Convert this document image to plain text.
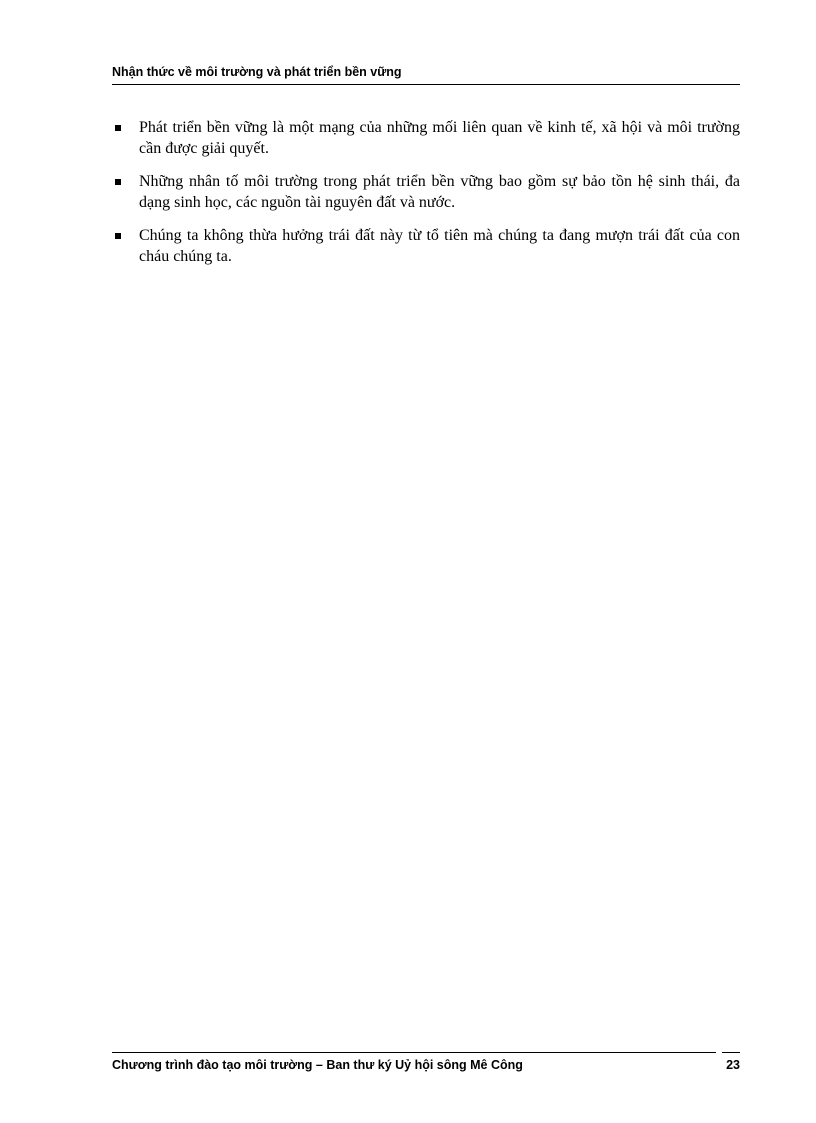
Nhận thức về môi trường và phát triển bền vững
Phát triển bền vững là một mạng của những mối liên quan về kinh tế, xã hội và môi trường cần được giải quyết.
Những nhân tố môi trường trong phát triển bền vững bao gồm sự bảo tồn hệ sinh thái, đa dạng sinh học, các nguồn tài nguyên đất và nước.
Chúng ta không thừa hưởng trái đất này từ tổ tiên mà chúng ta đang mượn trái đất của con cháu chúng ta.
Chương trình đào tạo môi trường – Ban thư ký Uỷ hội sông Mê Công	23
